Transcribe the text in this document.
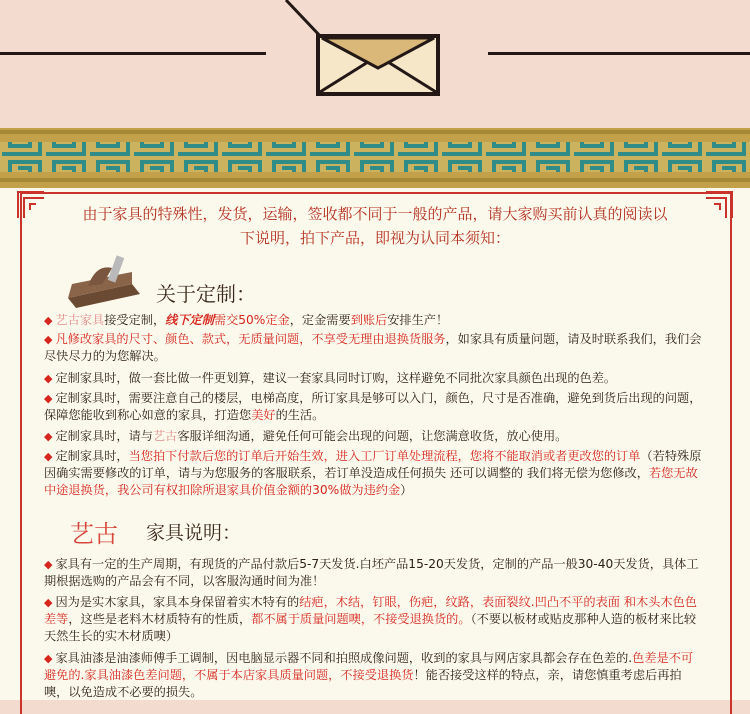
由于家具的特殊性，发货，运输，签收都不同于一般的产品，请大家购买前认真的阅读以
下说明，拍下产品，即视为认同本须知：
关于定制：
◆ 艺古家具接受定制，线下定制需交50%定金，定金需要到账后安排生产！
◆ 凡修改家具的尺寸、颜色、款式，无质量问题，不享受无理由退换货服务，如家具有质量问题，请及时联系我们，我们会尽快尽力的为您解决。
◆ 定制家具时，做一套比做一件更划算，建议一套家具同时订购，这样避免不同批次家具颜色出现的色差。
◆ 定制家具时，需要注意自己的楼层，电梯高度，所订家具是够可以入门，颜色，尺寸是否准确，避免到货后出现的问题，保障您能收到称心如意的家具，打造您美好的生活。
◆ 定制家具时，请与艺古客服详细沟通，避免任何可能会出现的问题，让您满意收货，放心使用。
◆ 定制家具时，当您拍下付款后您的订单后开始生效，进入工厂订单处理流程，您将不能取消或者更改您的订单（若特殊原因确实需要修改的订单，请与为您服务的客服联系，若订单没造成任何损失 还可以调整的 我们将无偿为您修改，若您无故中途退换货，我公司有权扣除所退家具价值金额的30%做为违约金）
艺古 家具说明：
◆ 家具有一定的生产周期，有现货的产品付款后5-7天发货.白坯产品15-20天发货，定制的产品一般30-40天发货，具体工期根据选购的产品会有不同，以客服沟通时间为准！
◆ 因为是实木家具，家具本身保留着实木特有的结疤，木结，钉眼，伤疤，纹路，表面裂纹.凹凸不平的表面 和木头木色色差等，这些是老料木材质特有的性质，都不属于质量问题噢，不接受退换货的。（不要以板材或贴皮那种人造的板材来比较天然生长的实木材质噢）
◆ 家具油漆是油漆师傅手工调制，因电脑显示器不同和拍照成像问题，收到的家具与网店家具都会存在色差的.色差是不可避免的.家具油漆色差问题，不属于本店家具质量问题，不接受退换货！能否接受这样的特点，亲，请您慎重考虑后再拍噢，以免造成不必要的损失。
